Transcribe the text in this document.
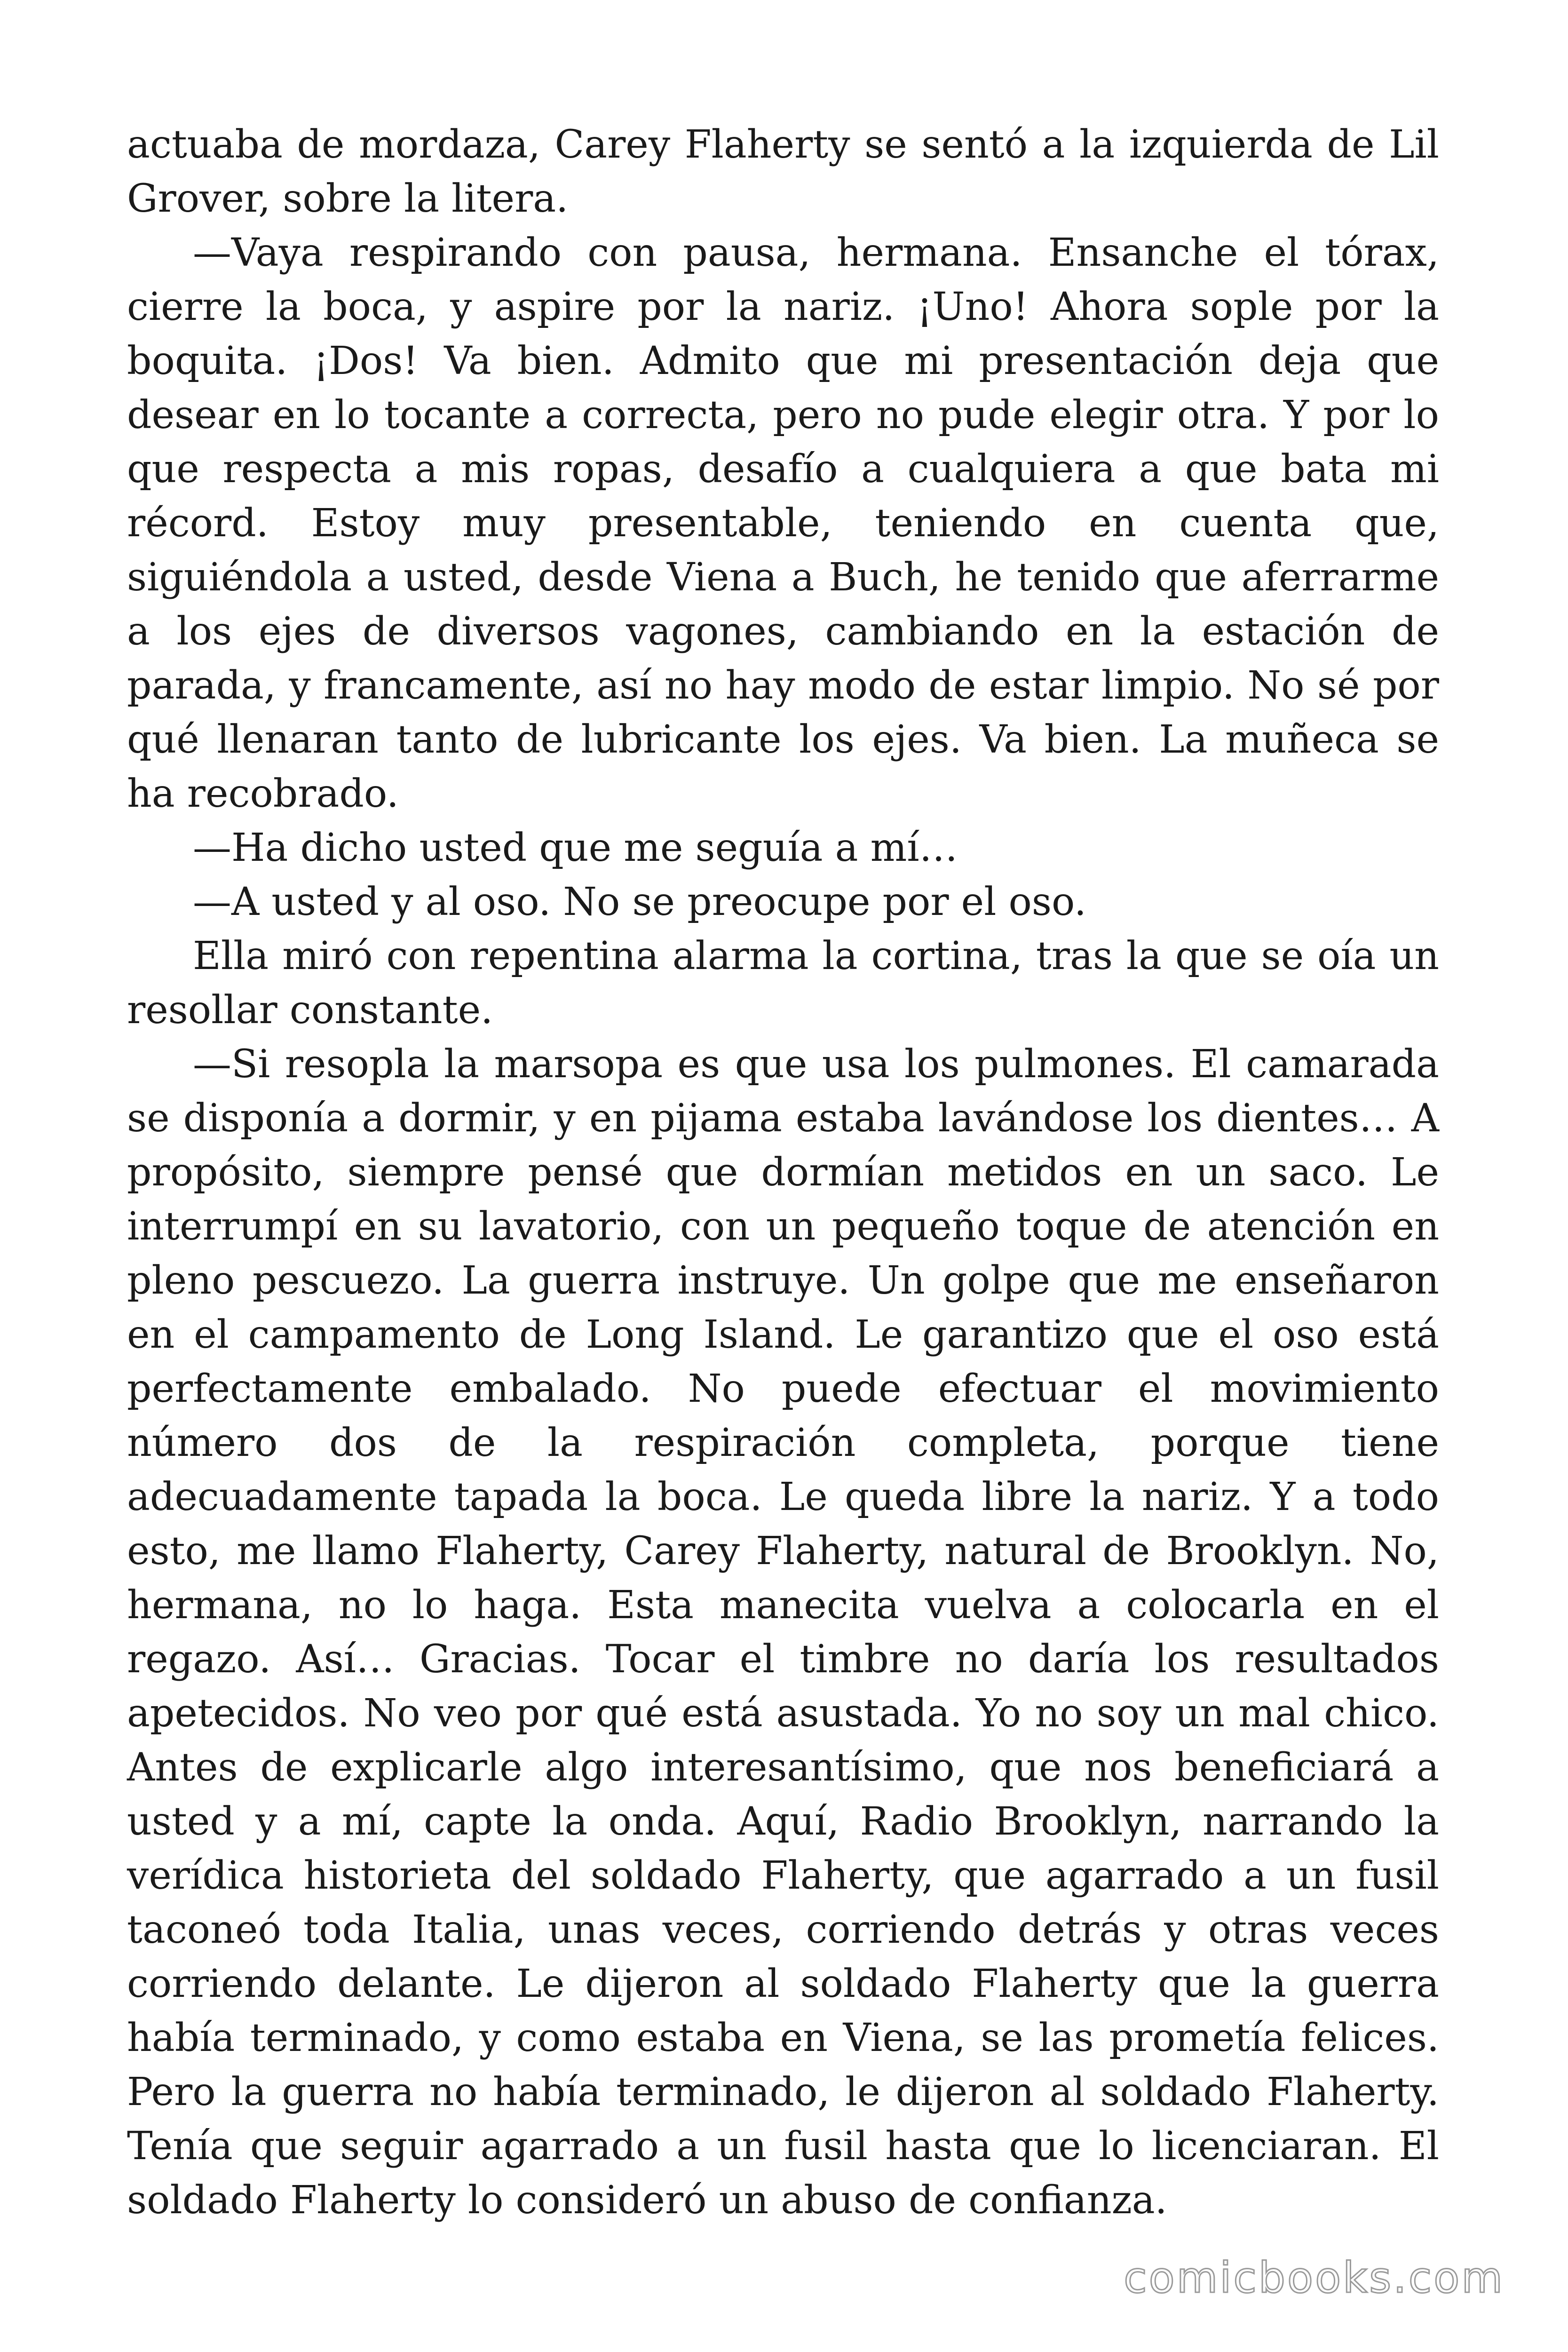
actuaba de mordaza, Carey Flaherty se sentó a la izquierda de Lil Grover, sobre la litera.

—Vaya respirando con pausa, hermana. Ensanche el tórax, cierre la boca, y aspire por la nariz. ¡Uno! Ahora sople por la boquita. ¡Dos! Va bien. Admito que mi presentación deja que desear en lo tocante a correcta, pero no pude elegir otra. Y por lo que respecta a mis ropas, desafío a cualquiera a que bata mi récord. Estoy muy presentable, teniendo en cuenta que, siguiéndola a usted, desde Viena a Buch, he tenido que aferrarme a los ejes de diversos vagones, cambiando en la estación de parada, y francamente, así no hay modo de estar limpio. No sé por qué llenaran tanto de lubricante los ejes. Va bien. La muñeca se ha recobrado.

—Ha dicho usted que me seguía a mí…

—A usted y al oso. No se preocupe por el oso.

Ella miró con repentina alarma la cortina, tras la que se oía un resollar constante.

—Si resopla la marsopa es que usa los pulmones. El camarada se disponía a dormir, y en pijama estaba lavándose los dientes… A propósito, siempre pensé que dormían metidos en un saco. Le interrumpí en su lavatorio, con un pequeño toque de atención en pleno pescuezo. La guerra instruye. Un golpe que me enseñaron en el campamento de Long Island. Le garantizo que el oso está perfectamente embalado. No puede efectuar el movimiento número dos de la respiración completa, porque tiene adecuadamente tapada la boca. Le queda libre la nariz. Y a todo esto, me llamo Flaherty, Carey Flaherty, natural de Brooklyn. No, hermana, no lo haga. Esta manecita vuelva a colocarla en el regazo. Así… Gracias. Tocar el timbre no daría los resultados apetecidos. No veo por qué está asustada. Yo no soy un mal chico. Antes de explicarle algo interesantísimo, que nos beneficiará a usted y a mí, capte la onda. Aquí, Radio Brooklyn, narrando la verídica historieta del soldado Flaherty, que agarrado a un fusil taconeó toda Italia, unas veces, corriendo detrás y otras veces corriendo delante. Le dijeron al soldado Flaherty que la guerra había terminado, y como estaba en Viena, se las prometía felices. Pero la guerra no había terminado, le dijeron al soldado Flaherty. Tenía que seguir agarrado a un fusil hasta que lo licenciaran. El soldado Flaherty lo consideró un abuso de confianza.

comicbooks.com
